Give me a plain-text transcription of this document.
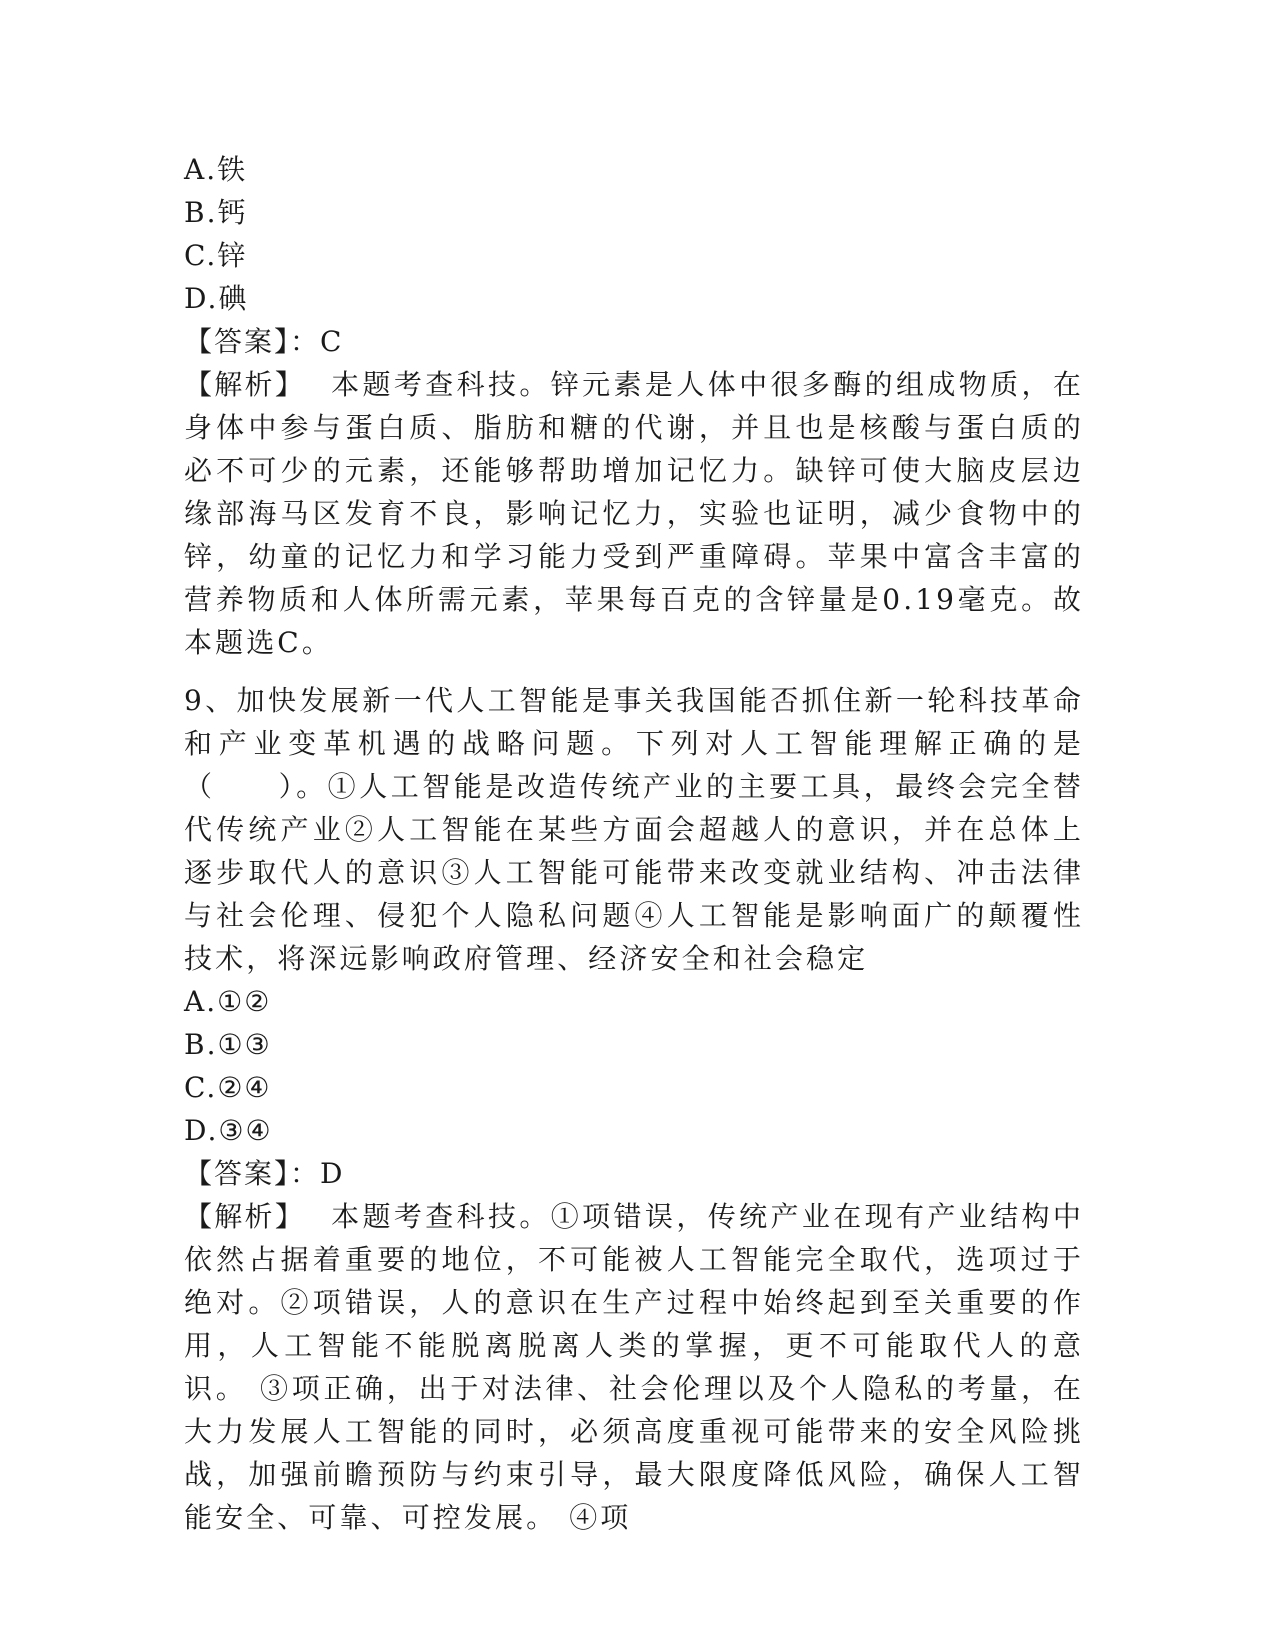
A.铁
B.钙
C.锌
D.碘
【答案】：C
【解析】 本题考查科技。锌元素是人体中很多酶的组成物质，在身体中参与蛋白质、脂肪和糖的代谢，并且也是核酸与蛋白质的必不可少的元素，还能够帮助增加记忆力。缺锌可使大脑皮层边缘部海马区发育不良，影响记忆力，实验也证明，减少食物中的锌，幼童的记忆力和学习能力受到严重障碍。苹果中富含丰富的营养物质和人体所需元素，苹果每百克的含锌量是0.19毫克。故本题选C。
9、加快发展新一代人工智能是事关我国能否抓住新一轮科技革命和产业变革机遇的战略问题。下列对人工智能理解正确的是（　　）。①人工智能是改造传统产业的主要工具，最终会完全替代传统产业②人工智能在某些方面会超越人的意识，并在总体上逐步取代人的意识③人工智能可能带来改变就业结构、冲击法律与社会伦理、侵犯个人隐私问题④人工智能是影响面广的颠覆性技术，将深远影响政府管理、经济安全和社会稳定
A.①②
B.①③
C.②④
D.③④
【答案】：D
【解析】 本题考查科技。①项错误，传统产业在现有产业结构中依然占据着重要的地位，不可能被人工智能完全取代，选项过于绝对。②项错误，人的意识在生产过程中始终起到至关重要的作用，人工智能不能脱离脱离人类的掌握，更不可能取代人的意识。 ③项正确，出于对法律、社会伦理以及个人隐私的考量，在大力发展人工智能的同时，必须高度重视可能带来的安全风险挑战，加强前瞻预防与约束引导，最大限度降低风险，确保人工智能安全、可靠、可控发展。 ④项
